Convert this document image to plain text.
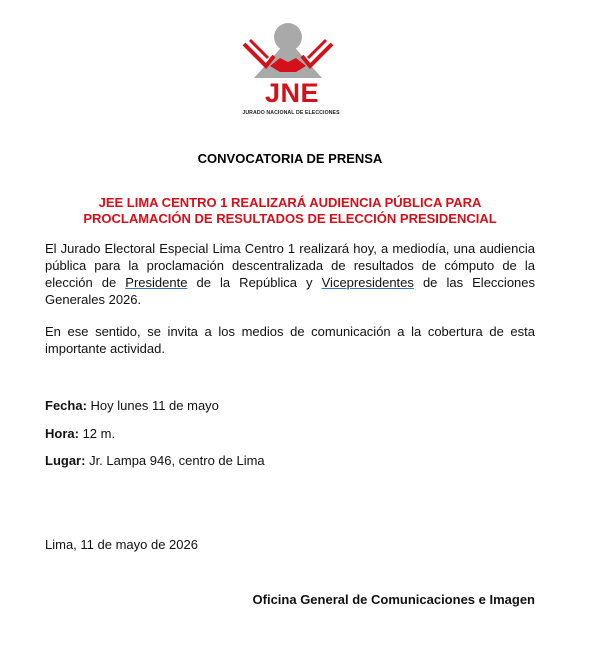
JNE
JURADO NACIONAL DE ELECCIONES
CONVOCATORIA DE PRENSA
JEE LIMA CENTRO 1 REALIZARÁ AUDIENCIA PÚBLICA PARA
PROCLAMACIÓN DE RESULTADOS DE ELECCIÓN PRESIDENCIAL
El Jurado Electoral Especial Lima Centro 1 realizará hoy, a mediodía, una audiencia pública para la proclamación descentralizada de resultados de cómputo de la elección de Presidente de la República y Vicepresidentes de las Elecciones Generales 2026.
En ese sentido, se invita a los medios de comunicación a la cobertura de esta importante actividad.
Fecha: Hoy lunes 11 de mayo
Hora: 12 m.
Lugar: Jr. Lampa 946, centro de Lima
Lima, 11 de mayo de 2026
Oficina General de Comunicaciones e Imagen
